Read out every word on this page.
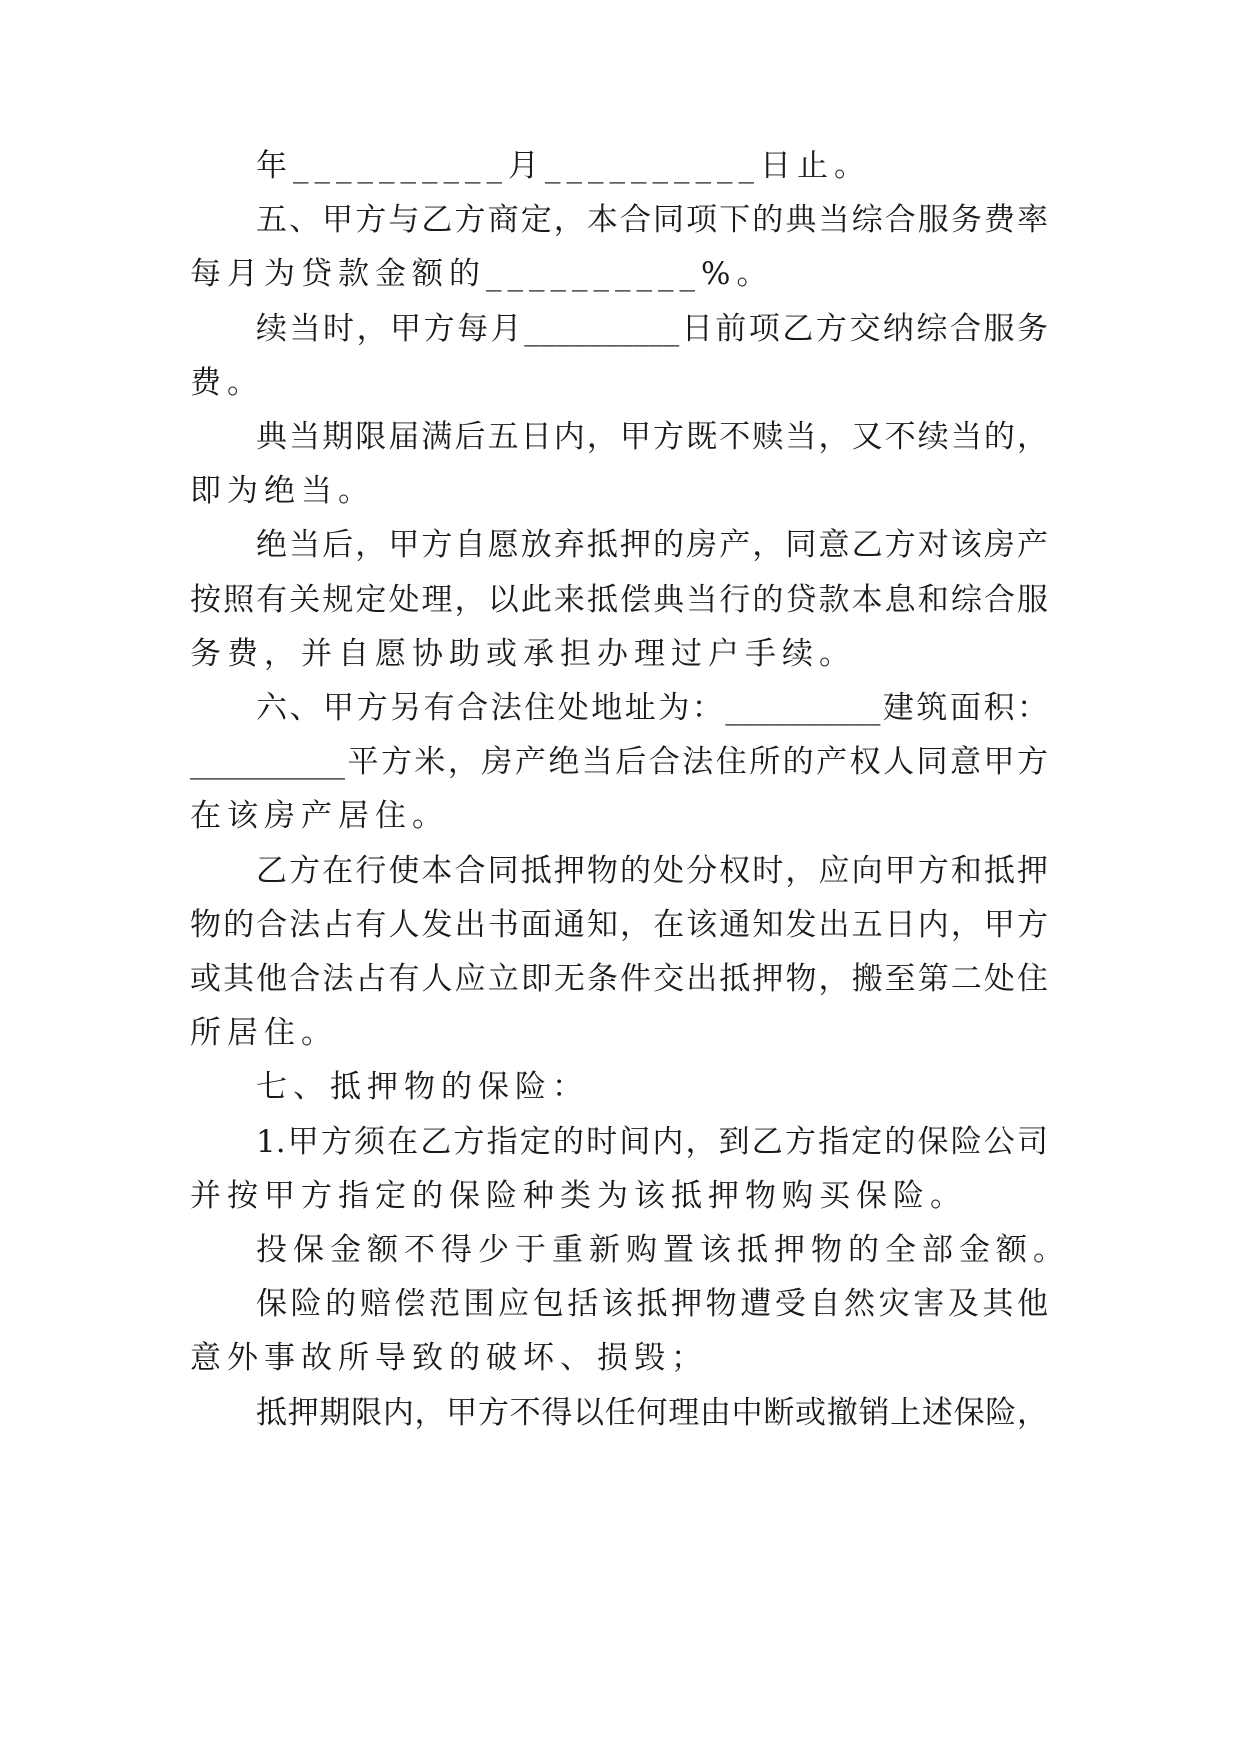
年__________月__________日止。
五、甲方与乙方商定，本合同项下的典当综合服务费率
每月为贷款金额的__________%。
续当时，甲方每月__________日前项乙方交纳综合服务
费。
典当期限届满后五日内，甲方既不赎当，又不续当的，
即为绝当。
绝当后，甲方自愿放弃抵押的房产，同意乙方对该房产
按照有关规定处理，以此来抵偿典当行的贷款本息和综合服
务费，并自愿协助或承担办理过户手续。
六、甲方另有合法住处地址为：__________建筑面积：
__________平方米，房产绝当后合法住所的产权人同意甲方
在该房产居住。
乙方在行使本合同抵押物的处分权时，应向甲方和抵押
物的合法占有人发出书面通知，在该通知发出五日内，甲方
或其他合法占有人应立即无条件交出抵押物，搬至第二处住
所居住。
七、抵押物的保险：
1.甲方须在乙方指定的时间内，到乙方指定的保险公司
并按甲方指定的保险种类为该抵押物购买保险。
投保金额不得少于重新购置该抵押物的全部金额。
保险的赔偿范围应包括该抵押物遭受自然灾害及其他
意外事故所导致的破坏、损毁；
抵押期限内，甲方不得以任何理由中断或撤销上述保险，
